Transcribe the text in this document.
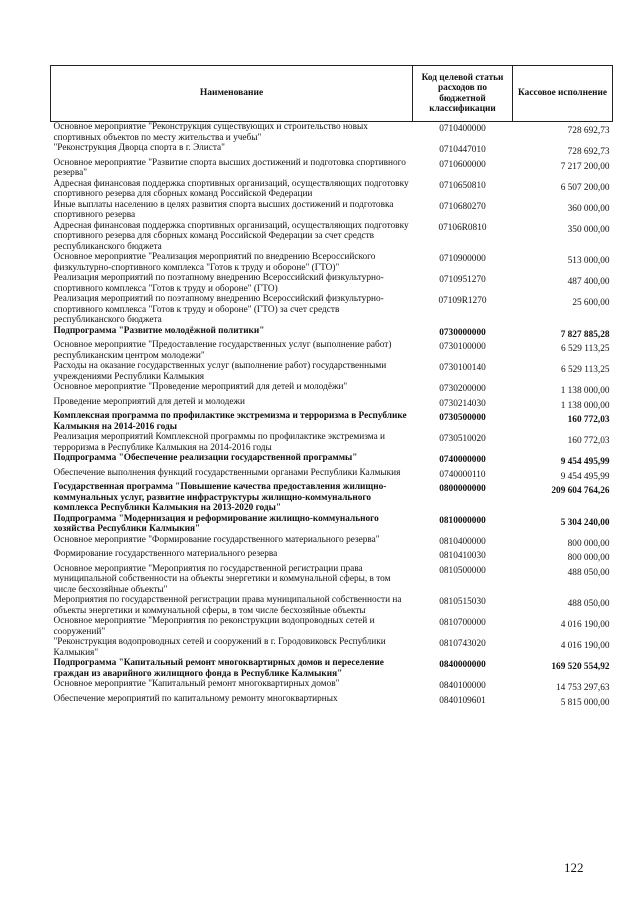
Наименование	Код целевой статьи расходов по бюджетной классификации	Кассовое исполнение
Основное мероприятие "Реконструкция существующих и строительство новых спортивных объектов по месту жительства и учебы"	0710400000	728 692,73
"Реконструкция Дворца спорта в г. Элиста"	0710447010	728 692,73
Основное мероприятие "Развитие спорта высших достижений и подготовка спортивного резерва"	0710600000	7 217 200,00
Адресная финансовая поддержка спортивных организаций, осуществляющих подготовку спортивного резерва для сборных команд Российской Федерации	0710650810	6 507 200,00
Иные выплаты населению в целях развития спорта высших достижений и подготовка спортивного резерва	0710680270	360 000,00
Адресная финансовая поддержка спортивных организаций, осуществляющих подготовку спортивного резерва для сборных команд Российской Федерации за счет средств республиканского бюджета	07106R0810	350 000,00
Основное мероприятие "Реализация мероприятий по внедрению Всероссийского физкультурно-спортивного комплекса "Готов к труду и обороне" (ГТО)"	0710900000	513 000,00
Реализация мероприятий по поэтапному внедрению Всероссийский физкультурно-спортивного комплекса "Готов к труду и обороне" (ГТО)	0710951270	487 400,00
Реализация мероприятий по поэтапному внедрению Всероссийский физкультурно-спортивного комплекса "Готов к труду и обороне" (ГТО) за счет средств республиканского бюджета	07109R1270	25 600,00
Подпрограмма "Развитие молодёжной политики"	0730000000	7 827 885,28
Основное мероприятие "Предоставление государственных услуг (выполнение работ) республиканским центром молодежи"	0730100000	6 529 113,25
Расходы на оказание государственных услуг (выполнение работ) государственными учреждениями Республики Калмыкия	0730100140	6 529 113,25
Основное мероприятие "Проведение мероприятий для детей и молодёжи"	0730200000	1 138 000,00
Проведение мероприятий для детей и молодежи	0730214030	1 138 000,00
Комплексная программа по профилактике экстремизма и терроризма в Республике Калмыкия на 2014-2016 годы	0730500000	160 772,03
Реализация мероприятий Комплексной программы по профилактике экстремизма и терроризма в Республике Калмыкия на 2014-2016 годы	0730510020	160 772,03
Подпрограмма "Обеспечение реализации государственной программы"	0740000000	9 454 495,99
Обеспечение выполнения функций государственными органами Республики Калмыкия	0740000110	9 454 495,99
Государственная программа "Повышение качества предоставления жилищно-коммунальных услуг, развитие инфраструктуры жилищно-коммунального комплекса Республики Калмыкия на 2013-2020 годы"	0800000000	209 604 764,26
Подпрограмма "Модернизация и реформирование жилищно-коммунального хозяйства Республики Калмыкия"	0810000000	5 304 240,00
Основное мероприятие "Формирование государственного материального резерва"	0810400000	800 000,00
Формирование государственного материального резерва	0810410030	800 000,00
Основное мероприятие "Мероприятия по государственной регистрации права муниципальной собственности на объекты энергетики и коммунальной сферы, в том числе бесхозяйные объекты"	0810500000	488 050,00
Мероприятия по государственной регистрации права муниципальной собственности на объекты энергетики и коммунальной сферы, в том числе бесхозяйные объекты	0810515030	488 050,00
Основное мероприятие "Мероприятия по реконструкции водопроводных сетей и сооружений"	0810700000	4 016 190,00
"Реконструкция водопроводных сетей и сооружений в г. Городовиковск Республики Калмыкия"	0810743020	4 016 190,00
Подпрограмма "Капитальный ремонт многоквартирных домов и переселение граждан из аварийного жилищного фонда в Республике Калмыкия"	0840000000	169 520 554,92
Основное мероприятие "Капитальный ремонт многоквартирных домов"	0840100000	14 753 297,63
Обеспечение мероприятий по капитальному ремонту многоквартирных	0840109601	5 815 000,00
122
